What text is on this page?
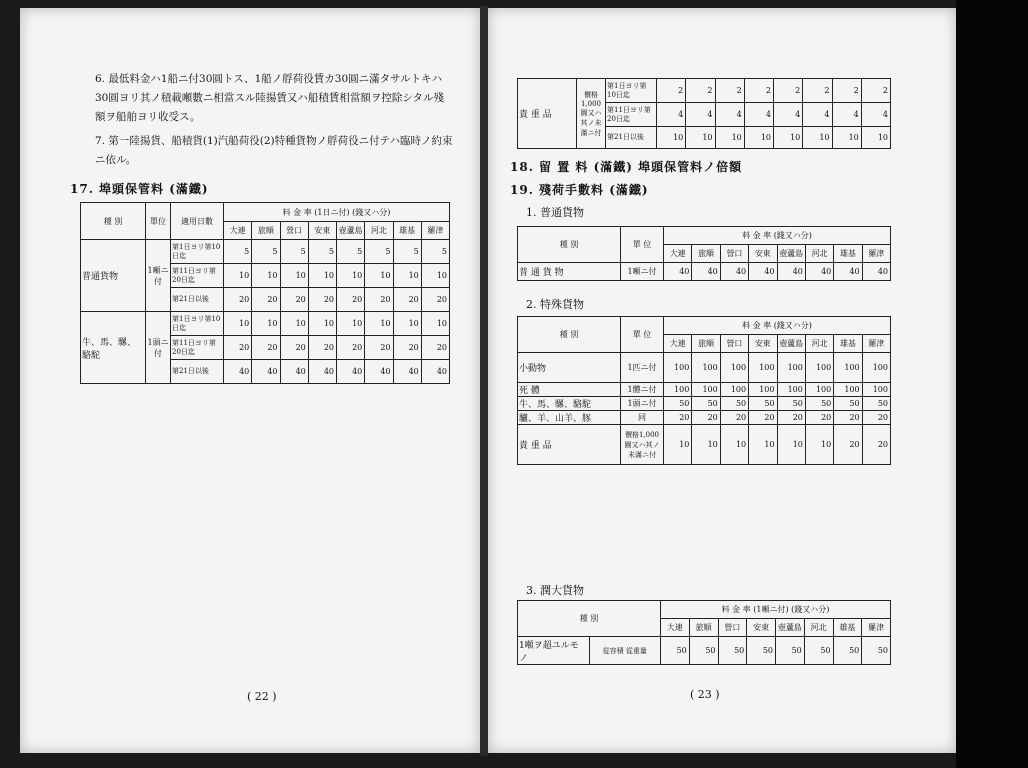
6. 最低料金ハ1船ニ付30圓トス、1船ノ艀荷役賃カ30圓ニ滿タサルトキハ
30圓ヨリ其ノ積載噸數ニ相當スル陸揚賃又ハ船積賃相當額ヲ控除シタル殘
額ヲ船舶ヨリ收受ス。
7. 第一陸揚貨、船積貨(1)汽船荷役(2)特種貨物ノ艀荷役ニ付テハ臨時ノ約束
ニ依ル。
17. 埠頭保管料 (滿鐵)
種 別	單位	適用日數	料 金 率 (1日ニ付) (錢又ハ分)							
			大連	旅順	營口	安東	壺蘆島	河北	雄基	羅津
普通貨物	1噸ニ付	第1日ヨリ第10日迄	5	5	5	5	5	5	5	5
		第11日ヨリ第20日迄	10	10	10	10	10	10	10	10
		第21日以後	20	20	20	20	20	20	20	20
牛、馬、騾、駱駝	1頭ニ付	第1日ヨリ第10日迄	10	10	10	10	10	10	10	10
		第11日ヨリ第20日迄	20	20	20	20	20	20	20	20
		第21日以後	40	40	40	40	40	40	40	40
( 22 )
貴 重 品	價格1,000圓又ハ其ノ未滿ニ付	第1日ヨリ第10日迄	2	2	2	2	2	2	2	2
		第11日ヨリ第20日迄	4	4	4	4	4	4	4	4
		第21日以後	10	10	10	10	10	10	10	10
18. 留 置 料 (滿鐵) 埠頭保管料ノ倍額
19. 殘荷手數料 (滿鐵)
1. 普通貨物
種 別	單 位	料 金 率 (錢又ハ分)							
		大連	旅順	營口	安東	壺蘆島	河北	雄基	羅津
普 通 貨 物	1噸ニ付	40	40	40	40	40	40	40	40
2. 特殊貨物
種 別	單 位	料 金 率 (錢又ハ分)							
		大連	旅順	營口	安東	壺蘆島	河北	雄基	羅津
小動物	1匹ニ付	100	100	100	100	100	100	100	100
死 體	1體ニ付	100	100	100	100	100	100	100	100
牛、馬、騾、駱駝	1頭ニ付	50	50	50	50	50	50	50	50
驢、羊、山羊、豚	同	20	20	20	20	20	20	20	20
貴 重 品	價格1,000圓又ハ其ノ未滿ニ付	10	10	10	10	10	10	20	20
3. 潤大貨物
種 別		料 金 率 (1噸ニ付) (錢又ハ分)							
		大連	旅順	營口	安東	壺蘆島	河北	雄基	羅津
1噸ヲ超ユルモノ	從容積 從重量	50	50	50	50	50	50	50	50
( 23 )
